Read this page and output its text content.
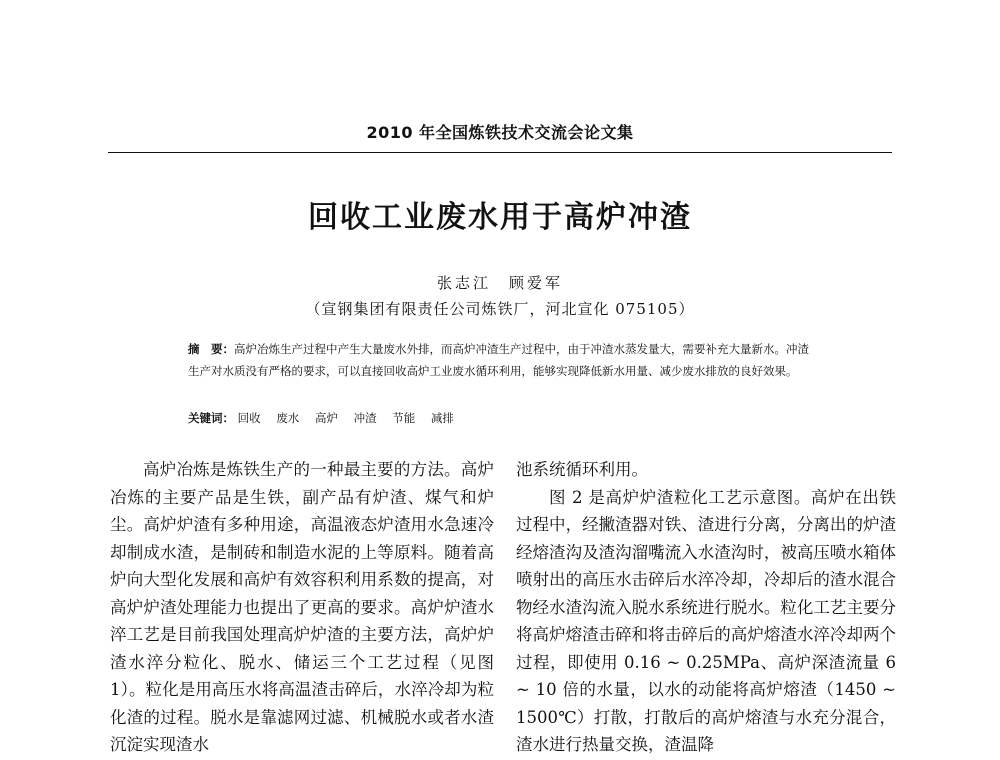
2010 年全国炼铁技术交流会论文集
回收工业废水用于高炉冲渣
张志江　顾爱军
（宣钢集团有限责任公司炼铁厂，河北宣化 075105）
摘　要：高炉冶炼生产过程中产生大量废水外排，而高炉冲渣生产过程中，由于冲渣水蒸发量大，需要补充大量新水。冲渣生产对水质没有严格的要求，可以直接回收高炉工业废水循环利用，能够实现降低新水用量、减少废水排放的良好效果。
关键词： 回收 废水 高炉 冲渣 节能 减排

高炉冶炼是炼铁生产的一种最主要的方法。高炉冶炼的主要产品是生铁，副产品有炉渣、煤气和炉尘。高炉炉渣有多种用途，高温液态炉渣用水急速冷却制成水渣，是制砖和制造水泥的上等原料。随着高炉向大型化发展和高炉有效容积利用系数的提高，对高炉炉渣处理能力也提出了更高的要求。高炉炉渣水淬工艺是目前我国处理高炉炉渣的主要方法，高炉炉渣水淬分粒化、脱水、储运三个工艺过程（见图 1）。粒化是用高压水将高温渣击碎后，水淬冷却为粒化渣的过程。脱水是靠滤网过滤、机械脱水或者水渣沉淀实现渣水

池系统循环利用。

图 2 是高炉炉渣粒化工艺示意图。高炉在出铁过程中，经撇渣器对铁、渣进行分离，分离出的炉渣经熔渣沟及渣沟溜嘴流入水渣沟时，被高压喷水箱体喷射出的高压水击碎后水淬冷却，冷却后的渣水混合物经水渣沟流入脱水系统进行脱水。粒化工艺主要分将高炉熔渣击碎和将击碎后的高炉熔渣水淬冷却两个过程，即使用 0.16 ~ 0.25MPa、高炉深渣流量 6 ~ 10 倍的水量，以水的动能将高炉熔渣（1450 ~ 1500℃）打散，打散后的高炉熔渣与水充分混合，渣水进行热量交换，渣温降
